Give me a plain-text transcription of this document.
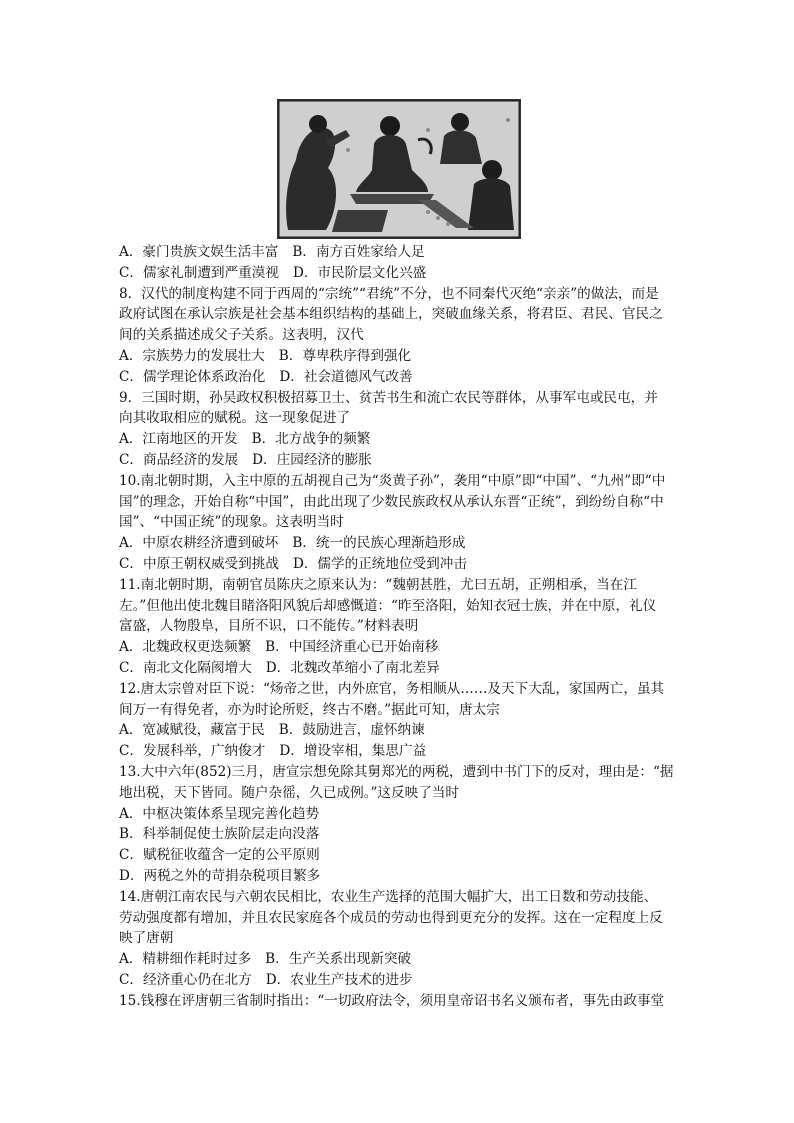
A．豪门贵族文娱生活丰富 B．南方百姓家给人足
C．儒家礼制遭到严重漠视 D．市民阶层文化兴盛
8．汉代的制度构建不同于西周的“宗统”“君统”不分，也不同秦代灭绝“亲亲”的做法，而是
政府试图在承认宗族是社会基本组织结构的基础上，突破血缘关系，将君臣、君民、官民之
间的关系描述成父子关系。这表明，汉代
A．宗族势力的发展壮大 B．尊卑秩序得到强化
C．儒学理论体系政治化 D．社会道德风气改善
9．三国时期，孙吴政权积极招募卫士、贫苦书生和流亡农民等群体，从事军屯或民屯，并
向其收取相应的赋税。这一现象促进了
A．江南地区的开发 B．北方战争的频繁
C．商品经济的发展 D．庄园经济的膨胀
10.南北朝时期，入主中原的五胡视自己为“炎黄子孙”，袭用“中原”即“中国”、“九州”即“中
国”的理念，开始自称“中国”，由此出现了少数民族政权从承认东晋“正统”，到纷纷自称“中
国”、“中国正统”的现象。这表明当时
A．中原农耕经济遭到破坏 B．统一的民族心理渐趋形成
C．中原王朝权威受到挑战 D．儒学的正统地位受到冲击
11.南北朝时期，南朝官员陈庆之原来认为：“魏朝甚胜，尤曰五胡，正朔相承，当在江
左。”但他出使北魏目睹洛阳风貌后却感慨道：“昨至洛阳，始知衣冠士族，并在中原，礼仪
富盛，人物殷阜，目所不识，口不能传。”材料表明
A．北魏政权更迭频繁 B．中国经济重心已开始南移
C．南北文化隔阂增大 D．北魏改革缩小了南北差异
12.唐太宗曾对臣下说：“炀帝之世，内外庶官，务相顺从……及天下大乱，家国两亡，虽其
间万一有得免者，亦为时论所贬，终古不磨。”据此可知，唐太宗
A．宽减赋役，藏富于民 B．鼓励进言，虚怀纳谏
C．发展科举，广纳俊才 D．增设宰相，集思广益
13.大中六年(852)三月，唐宣宗想免除其舅郑光的两税，遭到中书门下的反对，理由是：“据
地出税，天下皆同。随户杂徭，久已成例。”这反映了当时
A．中枢决策体系呈现完善化趋势
B．科举制促使士族阶层走向没落
C．赋税征收蕴含一定的公平原则
D．两税之外的苛捐杂税项目繁多
14.唐朝江南农民与六朝农民相比，农业生产选择的范围大幅扩大，出工日数和劳动技能、
劳动强度都有增加，并且农民家庭各个成员的劳动也得到更充分的发挥。这在一定程度上反
映了唐朝
A．精耕细作耗时过多 B．生产关系出现新突破
C．经济重心仍在北方 D．农业生产技术的进步
15.钱穆在评唐朝三省制时指出：“一切政府法令，须用皇帝诏书名义颁布者，事先由政事堂
